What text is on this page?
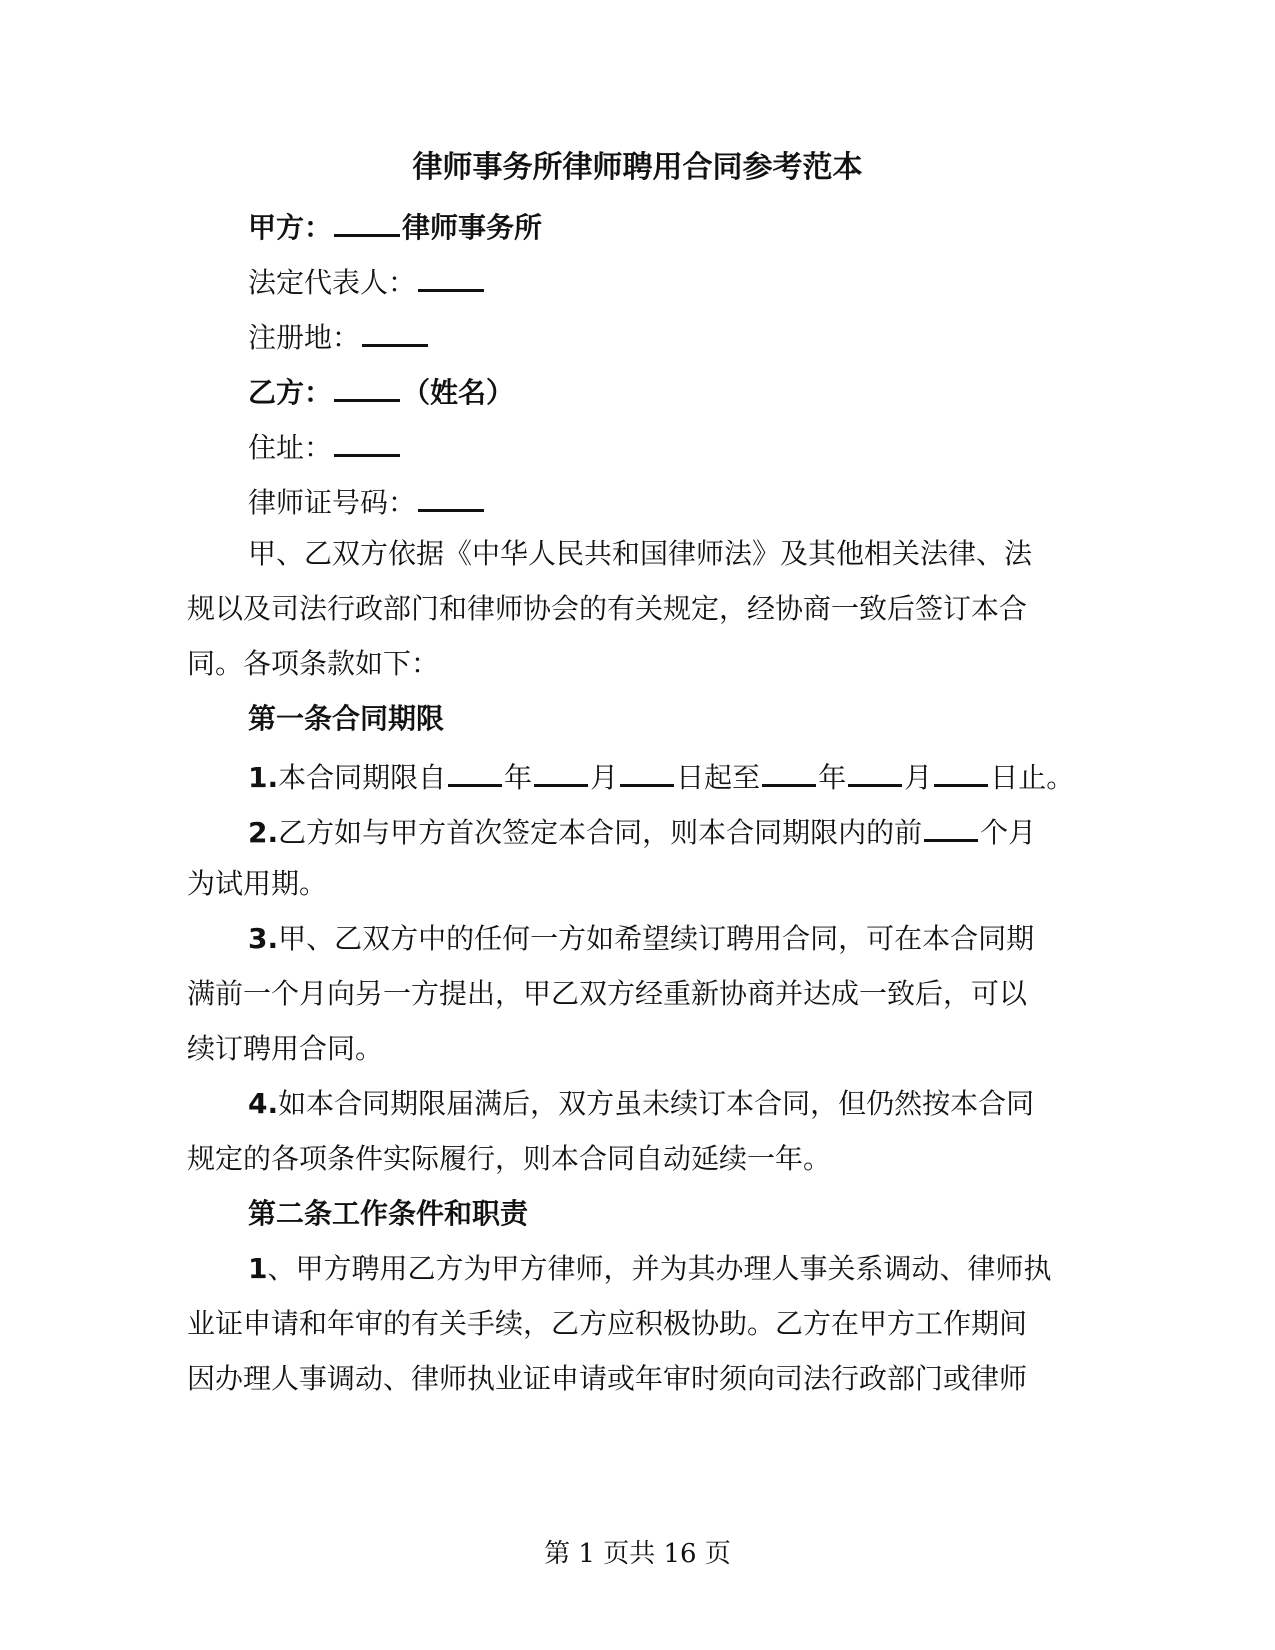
律师事务所律师聘用合同参考范本
甲方：	律师事务所
法定代表人：
注册地：
乙方：	（姓名）
住址：
律师证号码：
甲、乙双方依据《中华人民共和国律师法》及其他相关法律、法
规以及司法行政部门和律师协会的有关规定，经协商一致后签订本合
同。各项条款如下：
第一条合同期限
1.本合同期限自 年 月 日起至 年 月 日止。
2.乙方如与甲方首次签定本合同，则本合同期限内的前 个月
为试用期。
3.甲、乙双方中的任何一方如希望续订聘用合同，可在本合同期
满前一个月向另一方提出，甲乙双方经重新协商并达成一致后，可以
续订聘用合同。
4.如本合同期限届满后，双方虽未续订本合同，但仍然按本合同
规定的各项条件实际履行，则本合同自动延续一年。
第二条工作条件和职责
1、甲方聘用乙方为甲方律师，并为其办理人事关系调动、律师执
业证申请和年审的有关手续，乙方应积极协助。乙方在甲方工作期间
因办理人事调动、律师执业证申请或年审时须向司法行政部门或律师
第 1 页共 16 页
